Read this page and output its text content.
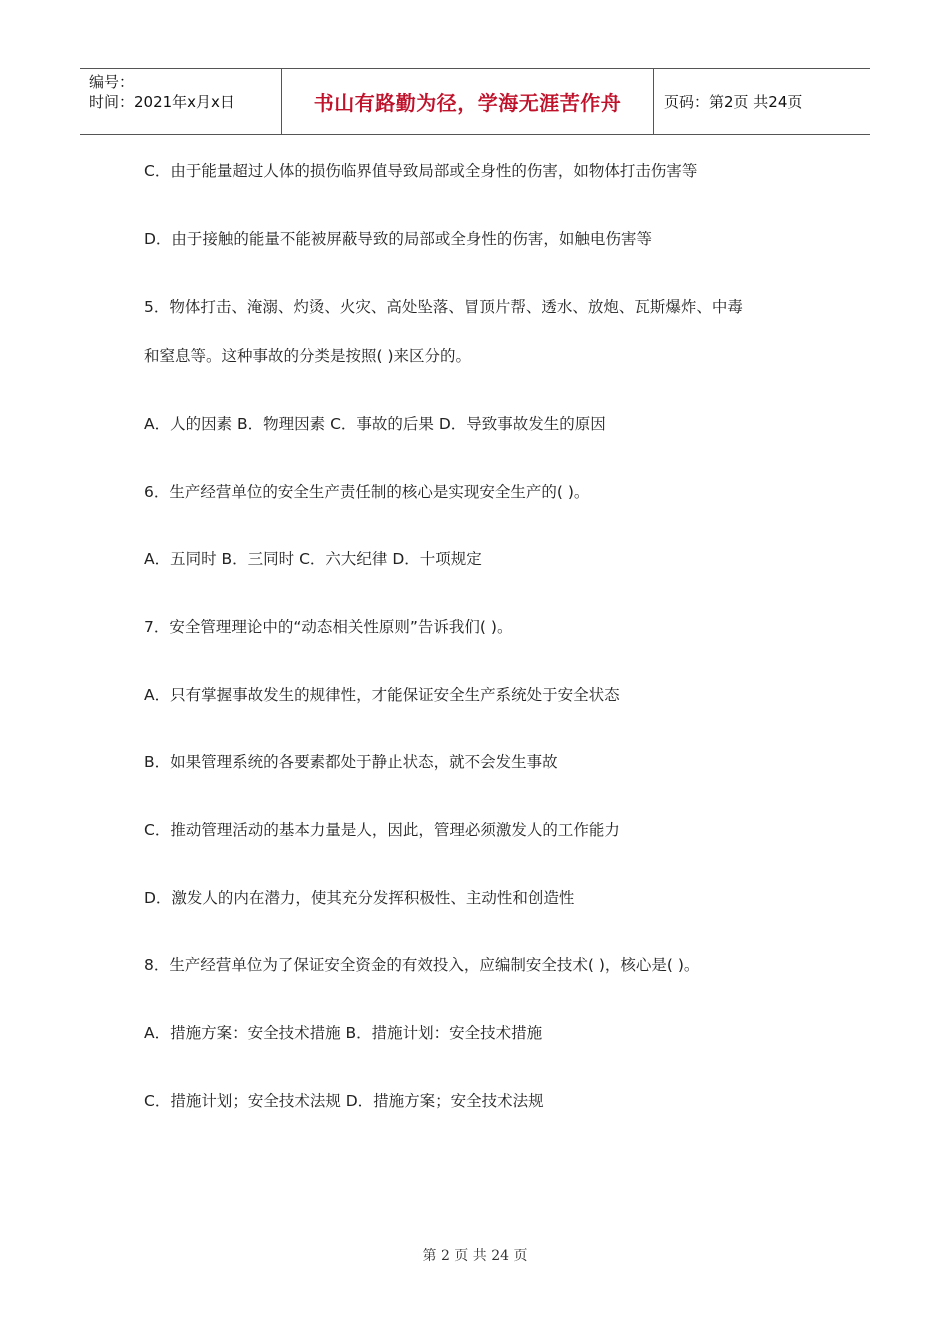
编号：
时间：2021年x月x日	书山有路勤为径，学海无涯苦作舟	页码：第2页 共24页
C．由于能量超过人体的损伤临界值导致局部或全身性的伤害，如物体打击伤害等
D．由于接触的能量不能被屏蔽导致的局部或全身性的伤害，如触电伤害等
5．物体打击、淹溺、灼烫、火灾、高处坠落、冒顶片帮、透水、放炮、瓦斯爆炸、中毒
和窒息等。这种事故的分类是按照( )来区分的。
A．人的因素 B．物理因素 C．事故的后果 D．导致事故发生的原因
6．生产经营单位的安全生产责任制的核心是实现安全生产的( )。
A．五同时 B．三同时 C．六大纪律 D．十项规定
7．安全管理理论中的“动态相关性原则”告诉我们( )。
A．只有掌握事故发生的规律性，才能保证安全生产系统处于安全状态
B．如果管理系统的各要素都处于静止状态，就不会发生事故
C．推动管理活动的基本力量是人，因此，管理必须激发人的工作能力
D．激发人的内在潜力，使其充分发挥积极性、主动性和创造性
8．生产经营单位为了保证安全资金的有效投入，应编制安全技术( )，核心是( )。
A．措施方案：安全技术措施 B．措施计划：安全技术措施
C．措施计划；安全技术法规 D．措施方案；安全技术法规
第 2 页 共 24 页
